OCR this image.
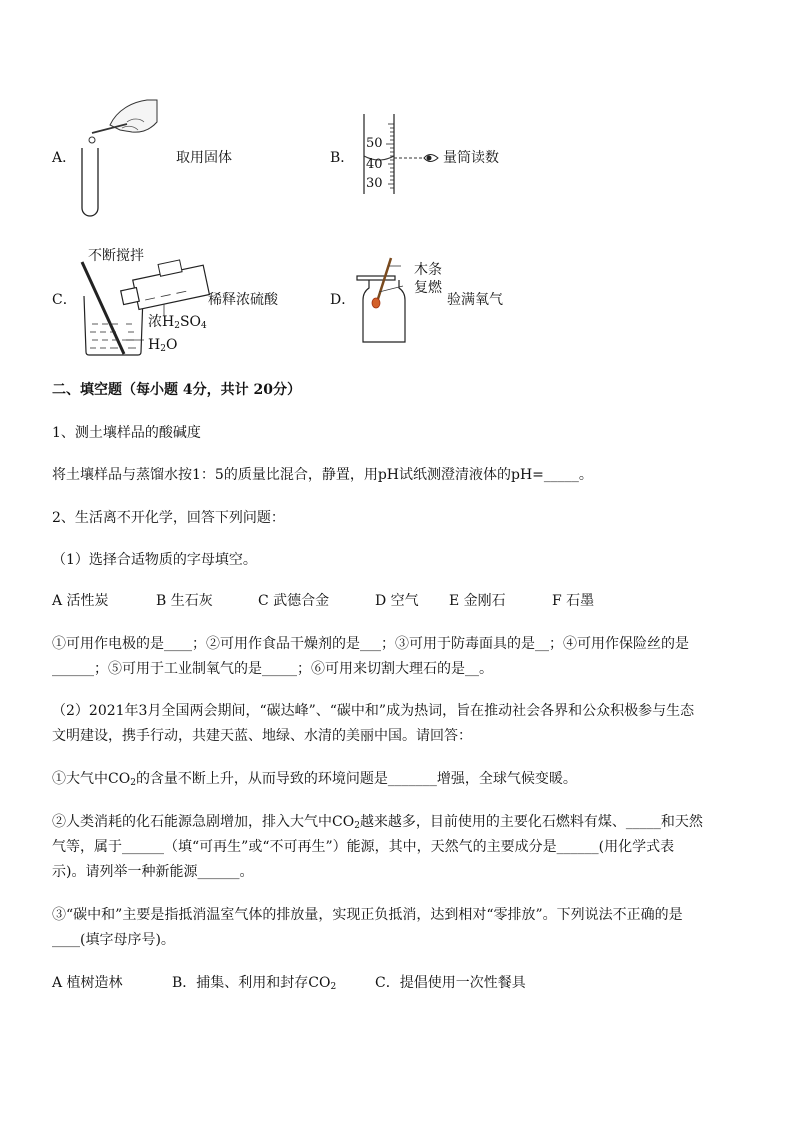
A．	取用固体	B．
50
40
30
量筒读数
C．
不断搅拌
浓$H_2SO_4$
$H_2O$
稀释浓硫酸	D．
木条
复燃
验满氧气
二、填空题（每小题 4分，共计 20分）
1、测土壤样品的酸碱度
将土壤样品与蒸馏水按1：5的质量比混合，静置，用pH试纸测澄清液体的pH=_____。
2、生活离不开化学，回答下列问题：
（1）选择合适物质的字母填空。
A 活性炭	B 生石灰	C 武德合金	D 空气 E 金刚石	F 石墨
①可用作电极的是____；②可用作食品干燥剂的是___；③可用于防毒面具的是__；④可用作保险丝的是
______；⑤可用于工业制氧气的是_____；⑥可用来切割大理石的是__。
（2）2021年3月全国两会期间，“碳达峰”、“碳中和”成为热词，旨在推动社会各界和公众积极参与生态
文明建设，携手行动，共建天蓝、地绿、水清的美丽中国。请回答：
①大气中$CO_2$的含量不断上升，从而导致的环境问题是_______增强，全球气候变暖。
②人类消耗的化石能源急剧增加，排入大气中$CO_2$越来越多，目前使用的主要化石燃料有煤、_____和天然
气等，属于______（填“可再生”或“不可再生”）能源，其中，天然气的主要成分是______(用化学式表
示)。请列举一种新能源______。
③“碳中和”主要是指抵消温室气体的排放量，实现正负抵消，达到相对“零排放”。下列说法不正确的是
____(填字母序号)。
A 植树造林	B．捕集、利用和封存$CO_2$	C．提倡使用一次性餐具
